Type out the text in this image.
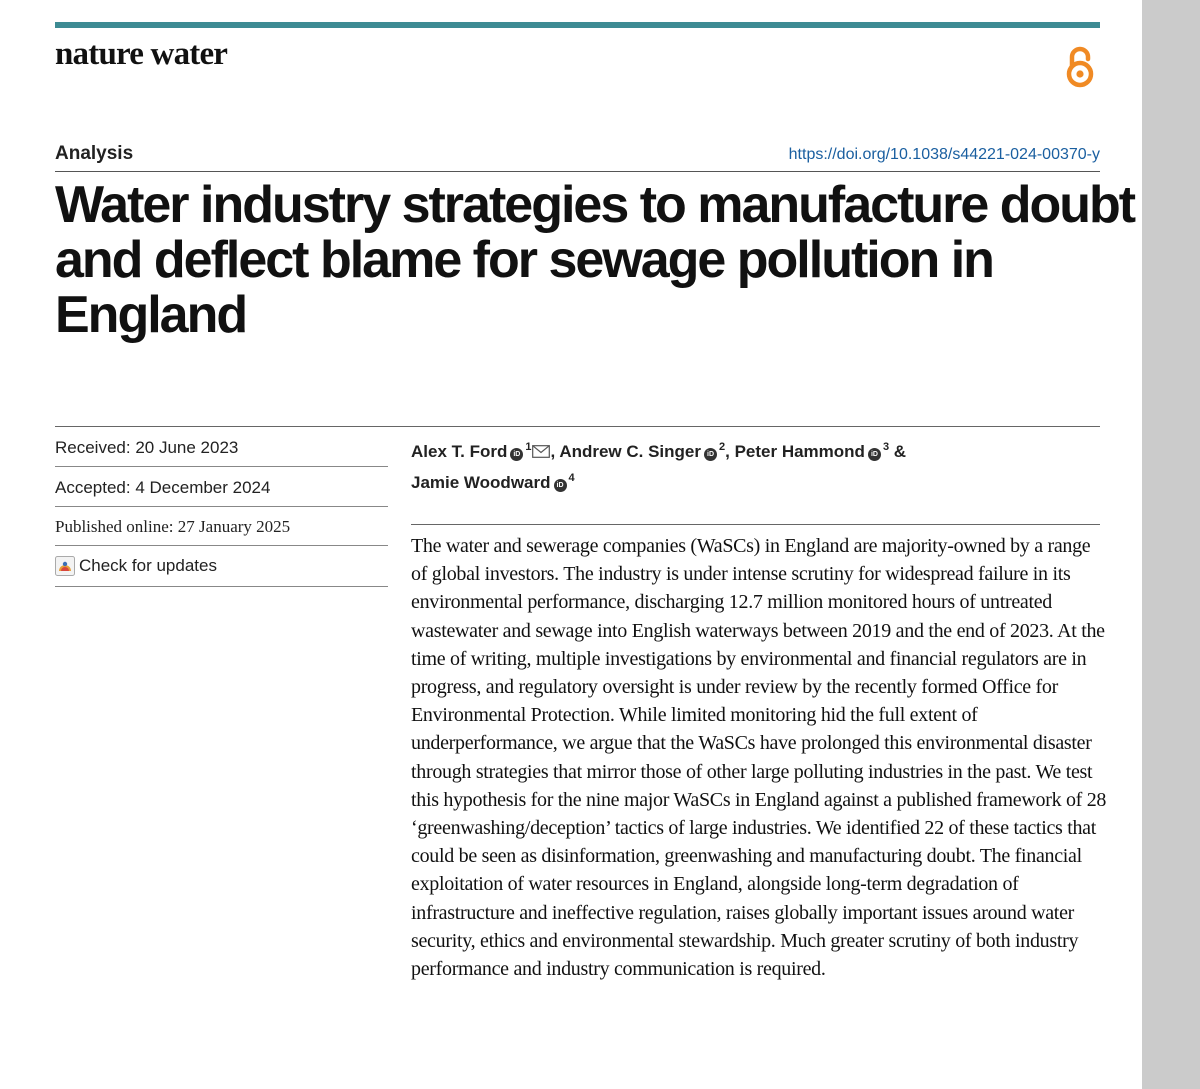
nature water
Analysis	https://doi.org/10.1038/s44221-024-00370-y
Water industry strategies to manufacture doubt and deflect blame for sewage pollution in England
Received: 20 June 2023
Accepted: 4 December 2024
Published online: 27 January 2025
Check for updates
Alex T. Ford iD$^1$ , Andrew C. Singer iD$^2$, Peter Hammond iD$^3$ &
Jamie Woodward iD$^4$

The water and sewerage companies (WaSCs) in England are majority-owned by a range of global investors. The industry is under intense scrutiny for widespread failure in its environmental performance, discharging 12.7 million monitored hours of untreated wastewater and sewage into English waterways between 2019 and the end of 2023. At the time of writing, multiple investigations by environmental and financial regulators are in progress, and regulatory oversight is under review by the recently formed Office for Environmental Protection. While limited monitoring hid the full extent of underperformance, we argue that the WaSCs have prolonged this environmental disaster through strategies that mirror those of other large polluting industries in the past. We test this hypothesis for the nine major WaSCs in England against a published framework of 28 ‘greenwashing/deception’ tactics of large industries. We identified 22 of these tactics that could be seen as disinformation, greenwashing and manufacturing doubt. The financial exploitation of water resources in England, alongside long-term degradation of infrastructure and ineffective regulation, raises globally important issues around water security, ethics and environmental stewardship. Much greater scrutiny of both industry performance and industry communication is required.
